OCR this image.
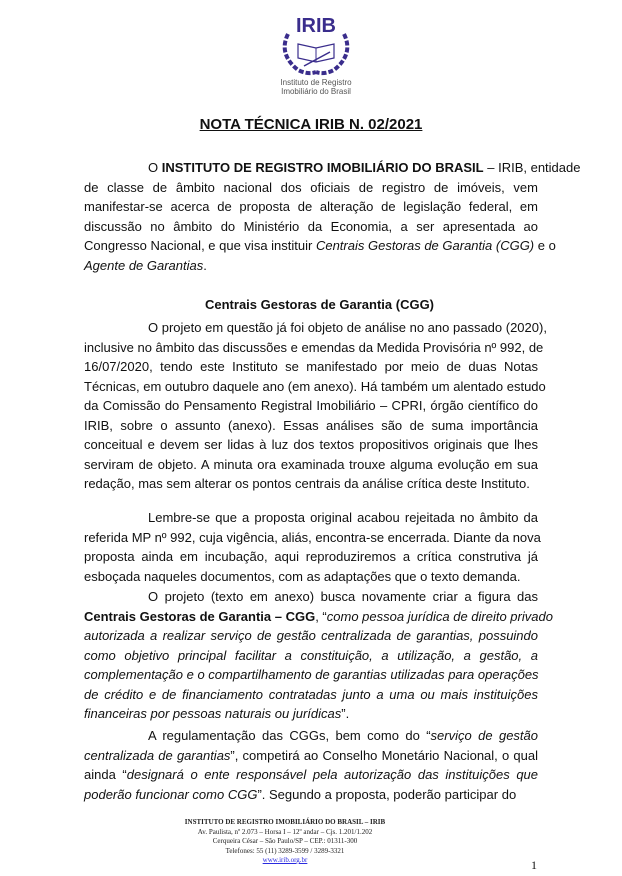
IRIB
Instituto de Registro
Imobiliário do Brasil
NOTA TÉCNICA IRIB N. 02/2021
Centrais Gestoras de Garantia (CGG)
O INSTITUTO DE REGISTRO IMOBILIÁRIO DO BRASIL – IRIB, entidade
de classe de âmbito nacional dos oficiais de registro de imóveis, vem
manifestar-se acerca de proposta de alteração de legislação federal, em
discussão no âmbito do Ministério da Economia, a ser apresentada ao
Congresso Nacional, e que visa instituir Centrais Gestoras de Garantia (CGG) e o
Agente de Garantias.
O projeto em questão já foi objeto de análise no ano passado (2020),
inclusive no âmbito das discussões e emendas da Medida Provisória nº 992, de
16/07/2020, tendo este Instituto se manifestado por meio de duas Notas
Técnicas, em outubro daquele ano (em anexo). Há também um alentado estudo
da Comissão do Pensamento Registral Imobiliário – CPRI, órgão científico do
IRIB, sobre o assunto (anexo). Essas análises são de suma importância
conceitual e devem ser lidas à luz dos textos propositivos originais que lhes
serviram de objeto. A minuta ora examinada trouxe alguma evolução em sua
redação, mas sem alterar os pontos centrais da análise crítica deste Instituto.
Lembre-se que a proposta original acabou rejeitada no âmbito da
referida MP nº 992, cuja vigência, aliás, encontra-se encerrada. Diante da nova
proposta ainda em incubação, aqui reproduziremos a crítica construtiva já
esboçada naqueles documentos, com as adaptações que o texto demanda.
O projeto (texto em anexo) busca novamente criar a figura das
Centrais Gestoras de Garantia – CGG, “como pessoa jurídica de direito privado
autorizada a realizar serviço de gestão centralizada de garantias, possuindo
como objetivo principal facilitar a constituição, a utilização, a gestão, a
complementação e o compartilhamento de garantias utilizadas para operações
de crédito e de financiamento contratadas junto a uma ou mais instituições
financeiras por pessoas naturais ou jurídicas”.
A regulamentação das CGGs, bem como do “serviço de gestão
centralizada de garantias”, competirá ao Conselho Monetário Nacional, o qual
ainda “designará o ente responsável pela autorização das instituições que
poderão funcionar como CGG”. Segundo a proposta, poderão participar do
INSTITUTO DE REGISTRO IMOBILIÁRIO DO BRASIL – IRIB
Av. Paulista, nº 2.073 – Horsa I – 12º andar – Cjs. 1.201/1.202
Cerqueira César – São Paulo/SP – CEP.: 01311-300
Telefones: 55 (11) 3289-3599 / 3289-3321
www.irib.org.br	1
